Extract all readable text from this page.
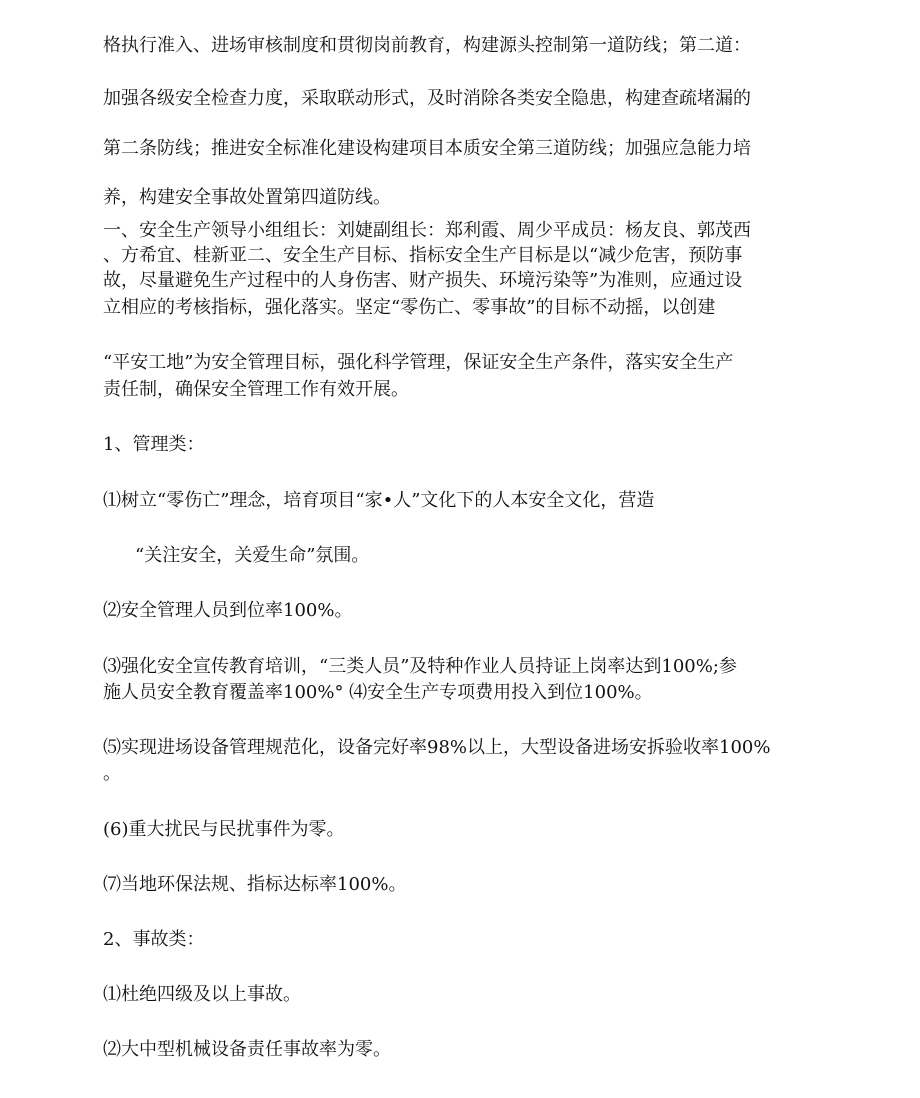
格执行准入、进场审核制度和贯彻岗前教育，构建源头控制第一道防线；第二道：

加强各级安全检查力度，采取联动形式，及时消除各类安全隐患，构建查疏堵漏的

第二条防线；推进安全标准化建设构建项目本质安全第三道防线；加强应急能力培

养，构建安全事故处置第四道防线。

一、安全生产领导小组组长：刘婕副组长：郑利霞、周少平成员：杨友良、郭茂西

、方希宜、桂新亚二、安全生产目标、指标安全生产目标是以“减少危害，预防事

故，尽量避免生产过程中的人身伤害、财产损失、环境污染等”为准则，应通过设

立相应的考核指标，强化落实。坚定“零伤亡、零事故”的目标不动摇，以创建

“平安工地”为安全管理目标，强化科学管理，保证安全生产条件，落实安全生产

责任制，确保安全管理工作有效开展。

1、管理类：

⑴树立“零伤亡”理念，培育项目“家•人”文化下的人本安全文化，营造

“关注安全，关爱生命”氛围。

⑵安全管理人员到位率100%。

⑶强化安全宣传教育培训，“三类人员”及特种作业人员持证上岗率达到100%;参

施人员安全教育覆盖率100%° ⑷安全生产专项费用投入到位100%。

⑸实现进场设备管理规范化，设备完好率98%以上，大型设备进场安拆验收率100%

。

(6)重大扰民与民扰事件为零。

⑺当地环保法规、指标达标率100%。

2、事故类：

⑴杜绝四级及以上事故。

⑵大中型机械设备责任事故率为零。
